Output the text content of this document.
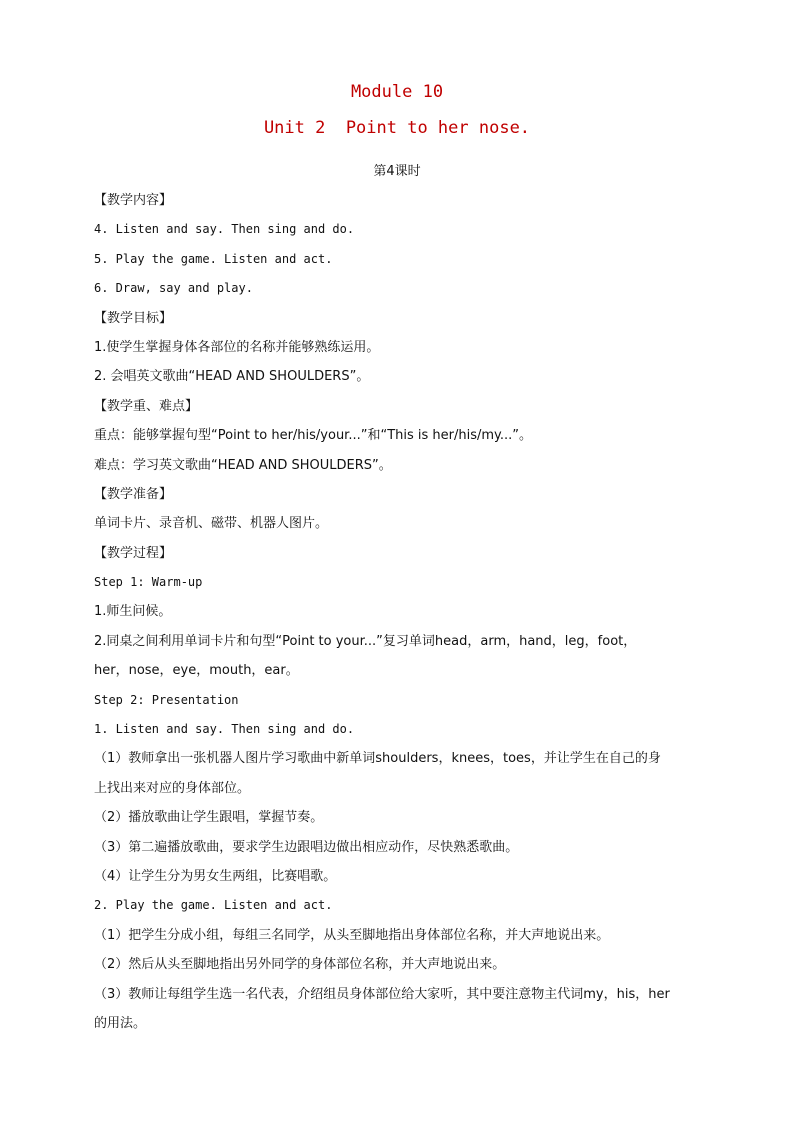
Module 10
Unit 2  Point to her nose.
第4课时
【教学内容】
4. Listen and say. Then sing and do.
5. Play the game. Listen and act.
6. Draw, say and play.
【教学目标】
1.使学生掌握身体各部位的名称并能够熟练运用。
2. 会唱英文歌曲“HEAD AND SHOULDERS”。
【教学重、难点】
重点：能够掌握句型“Point to her/his/your...”和“This is her/his/my...”。
难点：学习英文歌曲“HEAD AND SHOULDERS”。
【教学准备】
单词卡片、录音机、磁带、机器人图片。
【教学过程】
Step 1: Warm-up
1.师生问候。
2.同桌之间利用单词卡片和句型“Point to your...”复习单词head，arm，hand，leg，foot，
her，nose，eye，mouth，ear。
Step 2: Presentation
1. Listen and say. Then sing and do.
（1）教师拿出一张机器人图片学习歌曲中新单词shoulders，knees，toes，并让学生在自己的身
上找出来对应的身体部位。
（2）播放歌曲让学生跟唱，掌握节奏。
（3）第二遍播放歌曲，要求学生边跟唱边做出相应动作，尽快熟悉歌曲。
（4）让学生分为男女生两组，比赛唱歌。
2. Play the game. Listen and act.
（1）把学生分成小组，每组三名同学，从头至脚地指出身体部位名称，并大声地说出来。
（2）然后从头至脚地指出另外同学的身体部位名称，并大声地说出来。
（3）教师让每组学生选一名代表，介绍组员身体部位给大家听，其中要注意物主代词my，his，her
的用法。
